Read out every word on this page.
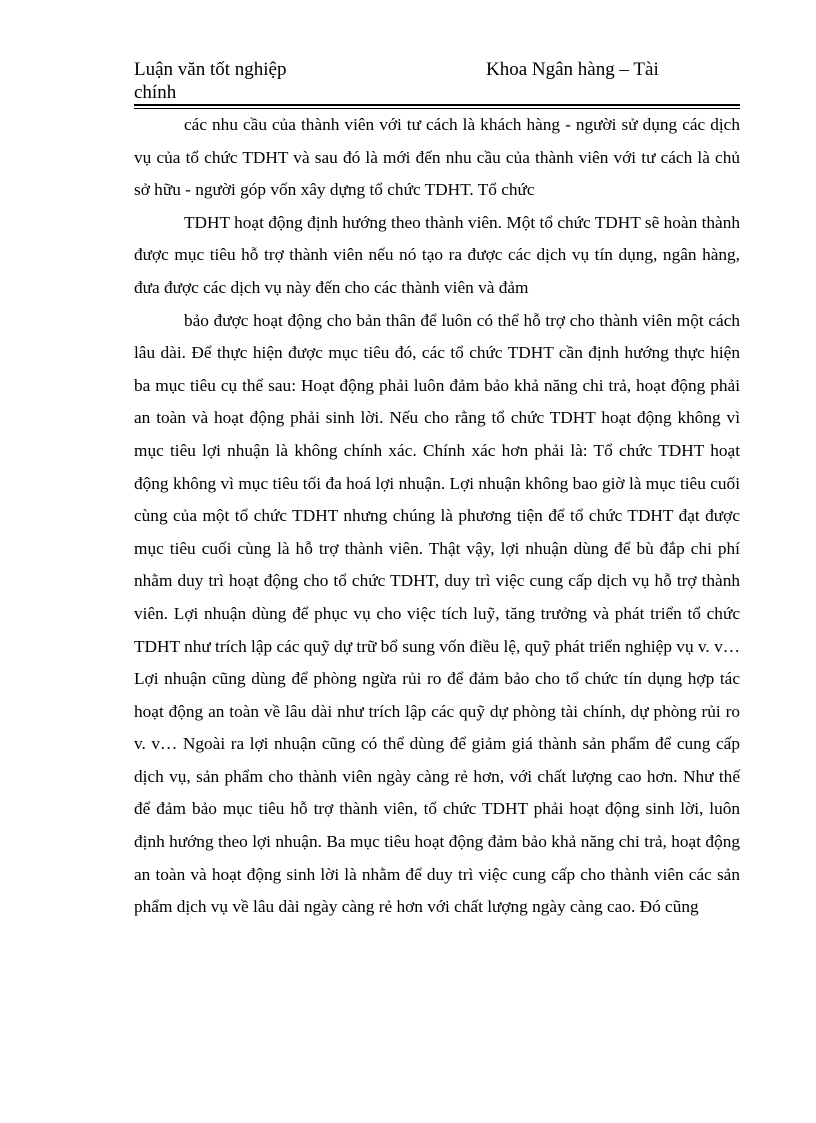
Luận văn tốt nghiệp	Khoa Ngân hàng – Tài
chính

các nhu cầu của thành viên với tư cách là khách hàng - người sử dụng các dịch vụ của tổ chức TDHT và sau đó là mới đến nhu cầu của thành viên với tư cách là chủ sở hữu - người góp vốn xây dựng tổ chức TDHT. Tổ chức

TDHT hoạt động định hướng theo thành viên. Một tổ chức TDHT sẽ hoàn thành được mục tiêu hỗ trợ thành viên nếu nó tạo ra được các dịch vụ tín dụng, ngân hàng, đưa được các dịch vụ này đến cho các thành viên và đảm

bảo được hoạt động cho bản thân để luôn có thể hỗ trợ cho thành viên một cách lâu dài. Để thực hiện được mục tiêu đó, các tổ chức TDHT cần định hướng thực hiện ba mục tiêu cụ thể sau: Hoạt động phải luôn đảm bảo khả năng chi trả, hoạt động phải an toàn và hoạt động phải sinh lời. Nếu cho rằng tổ chức TDHT hoạt động không vì mục tiêu lợi nhuận là không chính xác. Chính xác hơn phải là: Tổ chức TDHT hoạt động không vì mục tiêu tối đa hoá lợi nhuận. Lợi nhuận không bao giờ là mục tiêu cuối cùng của một tổ chức TDHT nhưng chúng là phương tiện để tổ chức TDHT đạt được mục tiêu cuối cùng là hỗ trợ thành viên. Thật vậy, lợi nhuận dùng để bù đắp chi phí nhằm duy trì hoạt động cho tổ chức TDHT, duy trì việc cung cấp dịch vụ hỗ trợ thành viên. Lợi nhuận dùng để phục vụ cho việc tích luỹ, tăng trưởng và phát triển tổ chức TDHT như trích lập các quỹ dự trữ bổ sung vốn điều lệ, quỹ phát triển nghiệp vụ v. v…Lợi nhuận cũng dùng để phòng ngừa rủi ro để đảm bảo cho tổ chức tín dụng hợp tác hoạt động an toàn về lâu dài như trích lập các quỹ dự phòng tài chính, dự phòng rủi ro v. v… Ngoài ra lợi nhuận cũng có thể dùng để giảm giá thành sản phẩm để cung cấp dịch vụ, sản phẩm cho thành viên ngày càng rẻ hơn, với chất lượng cao hơn. Như thế để đảm bảo mục tiêu hỗ trợ thành viên, tổ chức TDHT phải hoạt động sinh lời, luôn định hướng theo lợi nhuận. Ba mục tiêu hoạt động đảm bảo khả năng chi trả, hoạt động an toàn và hoạt động sinh lời là nhằm để duy trì việc cung cấp cho thành viên các sản phẩm dịch vụ về lâu dài ngày càng rẻ hơn với chất lượng ngày càng cao. Đó cũng
